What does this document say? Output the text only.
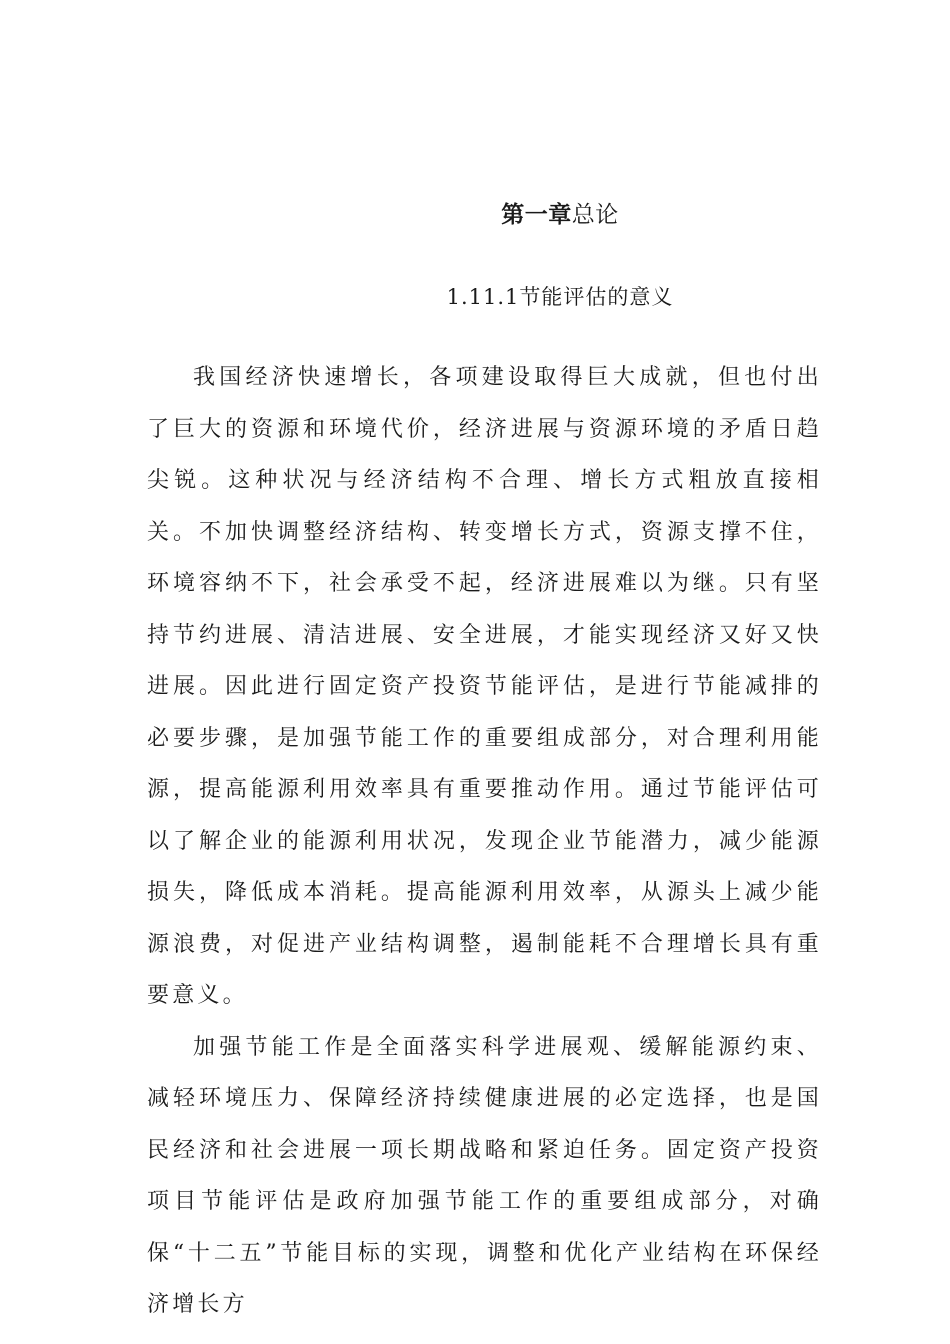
第一章总论
1.11.1节能评估的意义

我国经济快速增长，各项建设取得巨大成就，但也付出了巨大的资源和环境代价，经济进展与资源环境的矛盾日趋尖锐。这种状况与经济结构不合理、增长方式粗放直接相关。不加快调整经济结构、转变增长方式，资源支撑不住，环境容纳不下，社会承受不起，经济进展难以为继。只有坚持节约进展、清洁进展、安全进展，才能实现经济又好又快进展。因此进行固定资产投资节能评估，是进行节能减排的必要步骤，是加强节能工作的重要组成部分，对合理利用能源，提高能源利用效率具有重要推动作用。通过节能评估可以了解企业的能源利用状况，发现企业节能潜力，减少能源损失，降低成本消耗。提高能源利用效率，从源头上减少能源浪费，对促进产业结构调整，遏制能耗不合理增长具有重要意义。

加强节能工作是全面落实科学进展观、缓解能源约束、减轻环境压力、保障经济持续健康进展的必定选择，也是国民经济和社会进展一项长期战略和紧迫任务。固定资产投资项目节能评估是政府加强节能工作的重要组成部分，对确保“十二五”节能目标的实现，调整和优化产业结构在环保经济增长方
